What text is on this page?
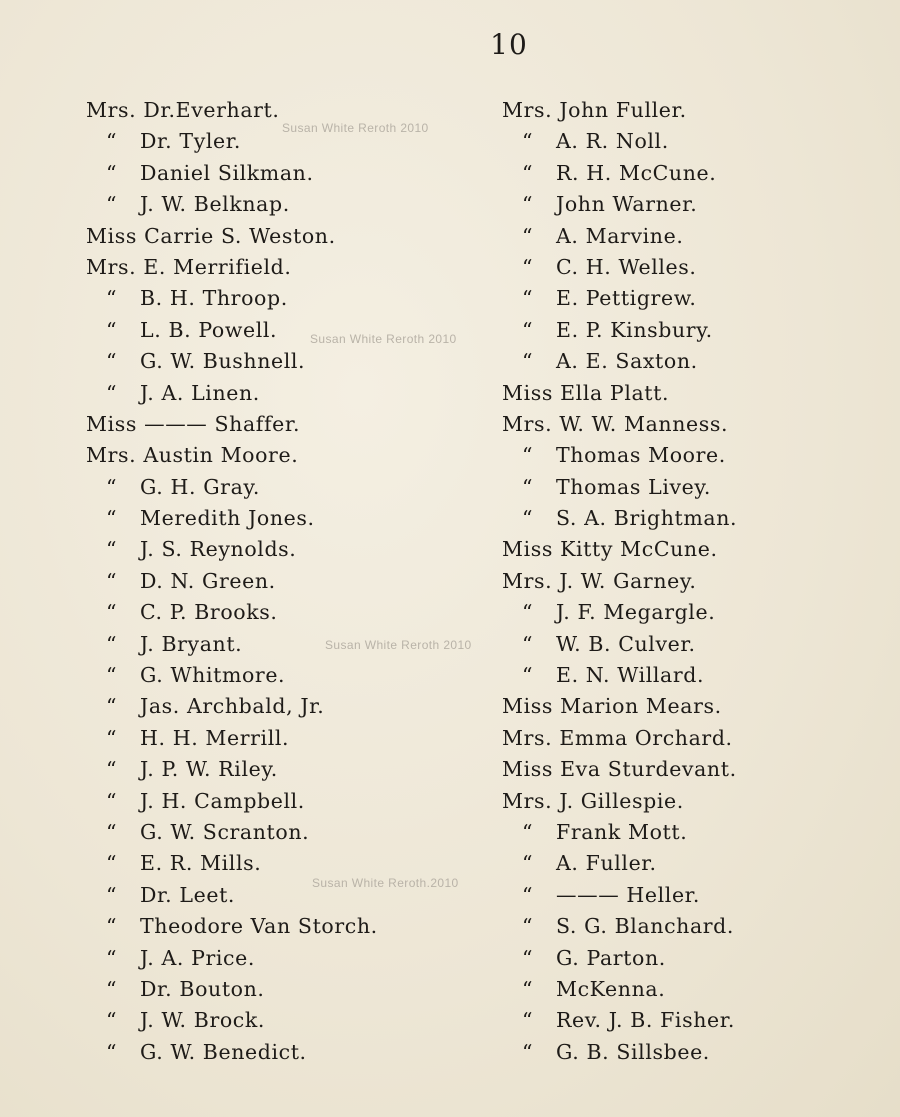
10
Mrs. Dr.Everhart.
“ Dr. Tyler.
“ Daniel Silkman.
“ J. W. Belknap.
Miss Carrie S. Weston.
Mrs. E. Merrifield.
“ B. H. Throop.
“ L. B. Powell.
“ G. W. Bushnell.
“ J. A. Linen.
Miss ——— Shaffer.
Mrs. Austin Moore.
“ G. H. Gray.
“ Meredith Jones.
“ J. S. Reynolds.
“ D. N. Green.
“ C. P. Brooks.
“ J. Bryant.
“ G. Whitmore.
“ Jas. Archbald, Jr.
“ H. H. Merrill.
“ J. P. W. Riley.
“ J. H. Campbell.
“ G. W. Scranton.
“ E. R. Mills.
“ Dr. Leet.
“ Theodore Van Storch.
“ J. A. Price.
“ Dr. Bouton.
“ J. W. Brock.
“ G. W. Benedict.
Mrs. John Fuller.
“ A. R. Noll.
“ R. H. McCune.
“ John Warner.
“ A. Marvine.
“ C. H. Welles.
“ E. Pettigrew.
“ E. P. Kinsbury.
“ A. E. Saxton.
Miss Ella Platt.
Mrs. W. W. Manness.
“ Thomas Moore.
“ Thomas Livey.
“ S. A. Brightman.
Miss Kitty McCune.
Mrs. J. W. Garney.
“ J. F. Megargle.
“ W. B. Culver.
“ E. N. Willard.
Miss Marion Mears.
Mrs. Emma Orchard.
Miss Eva Sturdevant.
Mrs. J. Gillespie.
“ Frank Mott.
“ A. Fuller.
“ ——— Heller.
“ S. G. Blanchard.
“ G. Parton.
“ McKenna.
“ Rev. J. B. Fisher.
“ G. B. Sillsbee.
Susan White Reroth 2010
Susan White Reroth 2010
Susan White Reroth 2010
Susan White Reroth.2010
